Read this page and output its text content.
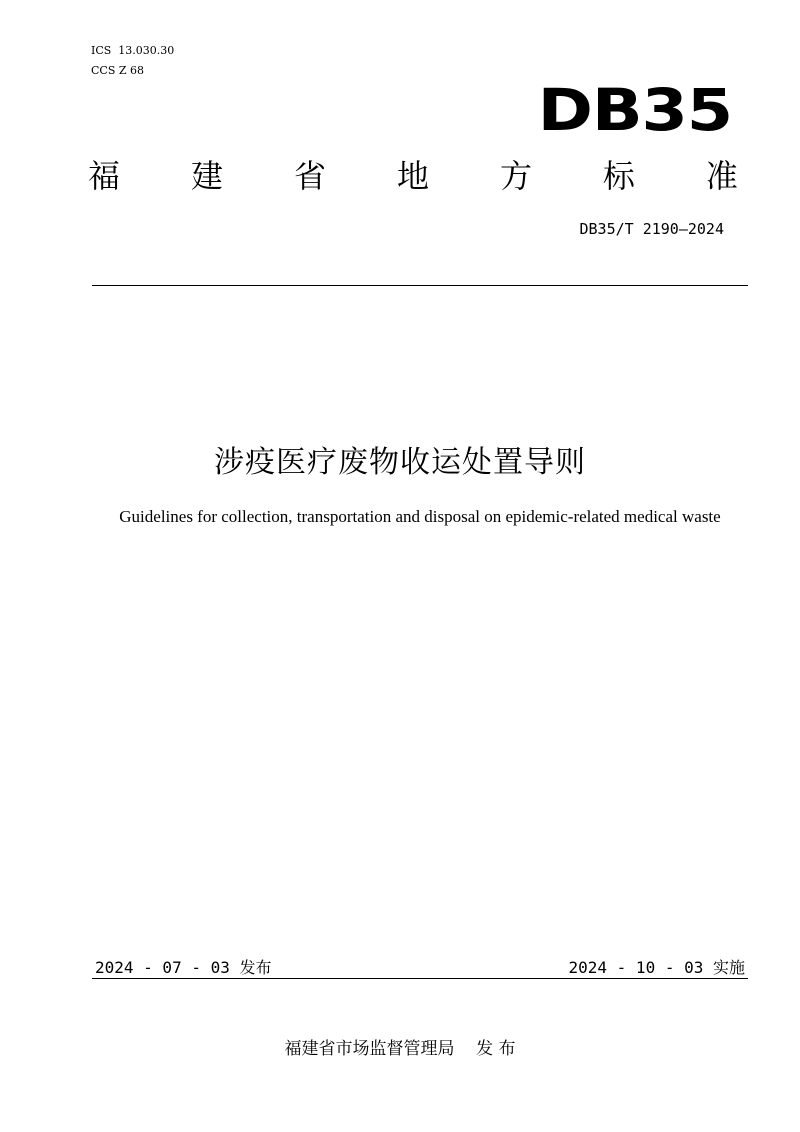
ICS  13.030.30
CCS Z 68
DB35
福 建 省 地 方 标 准
DB35/T 2190—2024
涉疫医疗废物收运处置导则
Guidelines for collection, transportation and disposal on epidemic-related medical waste
2024 - 07 - 03 发布	2024 - 10 - 03 实施
福建省市场监督管理局    发 布
